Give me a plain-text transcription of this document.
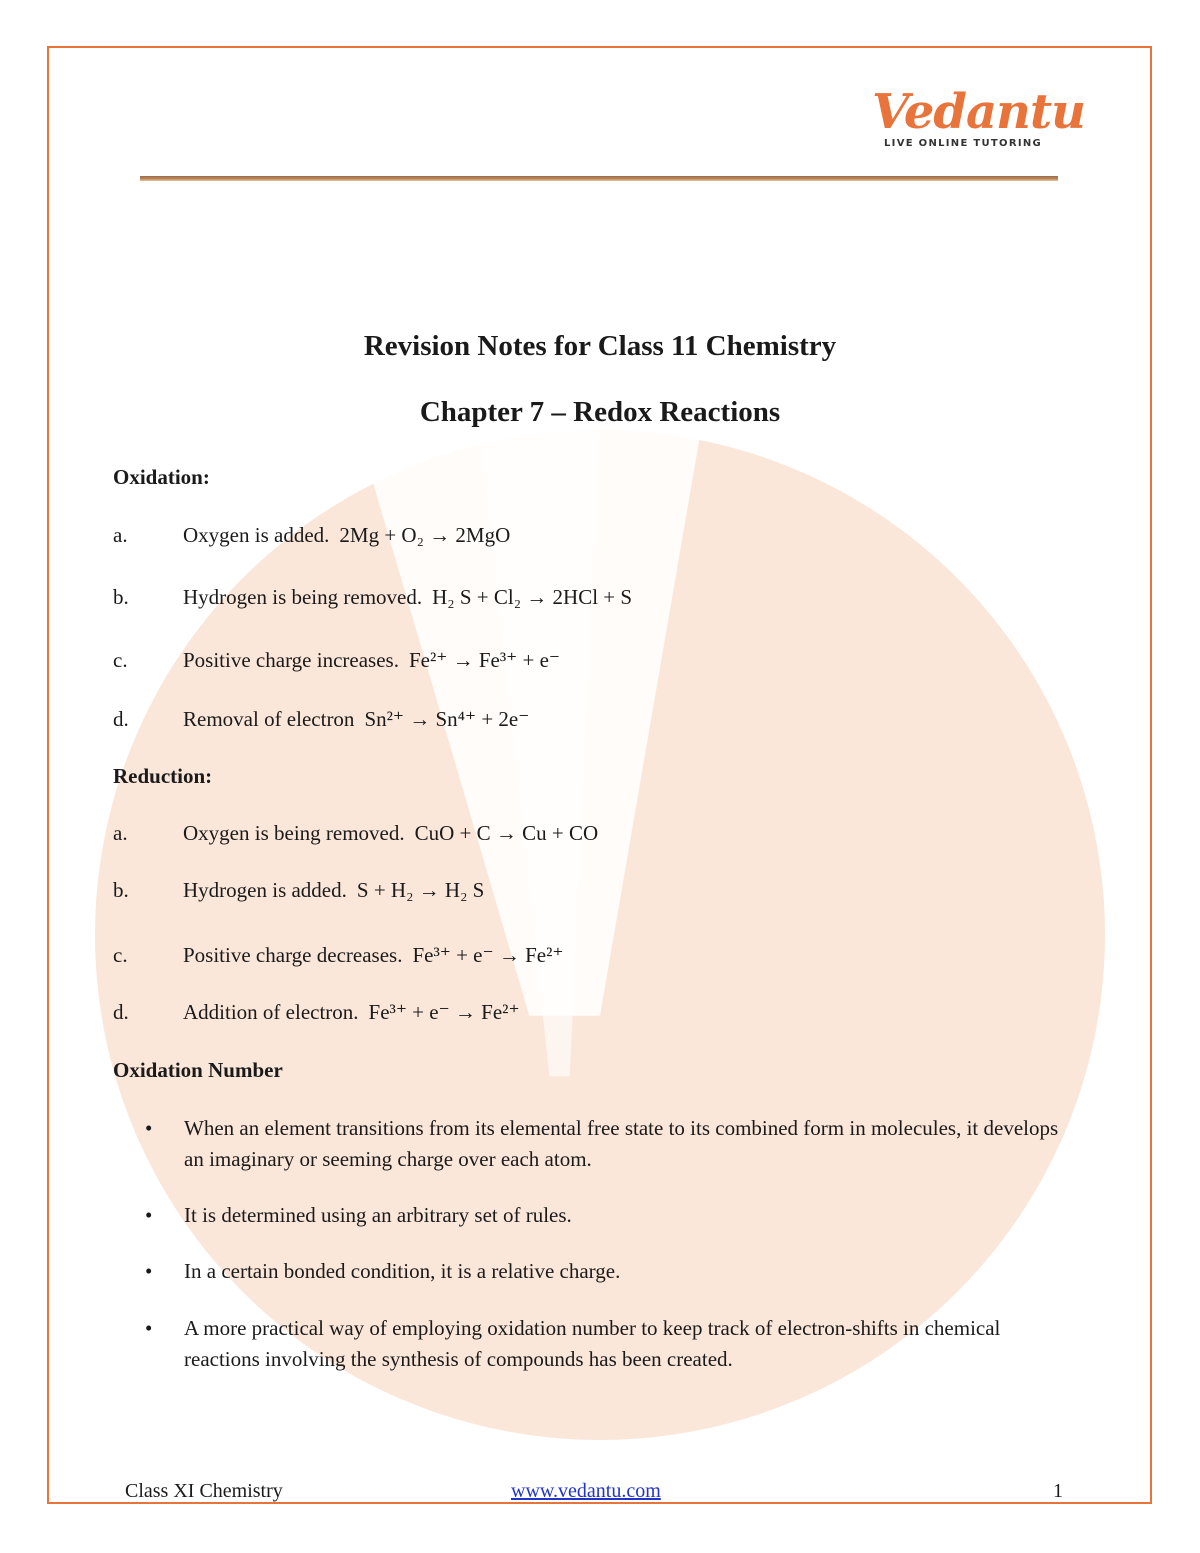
Vedantu
LIVE ONLINE TUTORING
Revision Notes for Class 11 Chemistry
Chapter 7 – Redox Reactions
Oxidation:
a.	Oxygen is added. 2Mg + O₂ → 2MgO
b.	Hydrogen is being removed. H₂ S + Cl₂ → 2HCl + S
c.	Positive charge increases. Fe²⁺ → Fe³⁺ + e⁻
d.	Removal of electron Sn²⁺ → Sn⁴⁺ + 2e⁻
Reduction:
a.	Oxygen is being removed. CuO + C → Cu + CO
b.	Hydrogen is added. S + H₂ → H₂ S
c.	Positive charge decreases. Fe³⁺ + e⁻ → Fe²⁺
d.	Addition of electron. Fe³⁺ + e⁻ → Fe²⁺
Oxidation Number
• When an element transitions from its elemental free state to its combined form in molecules, it develops an imaginary or seeming charge over each atom.
• It is determined using an arbitrary set of rules.
• In a certain bonded condition, it is a relative charge.
• A more practical way of employing oxidation number to keep track of electron-shifts in chemical reactions involving the synthesis of compounds has been created.
Class XI Chemistry	www.vedantu.com	1
